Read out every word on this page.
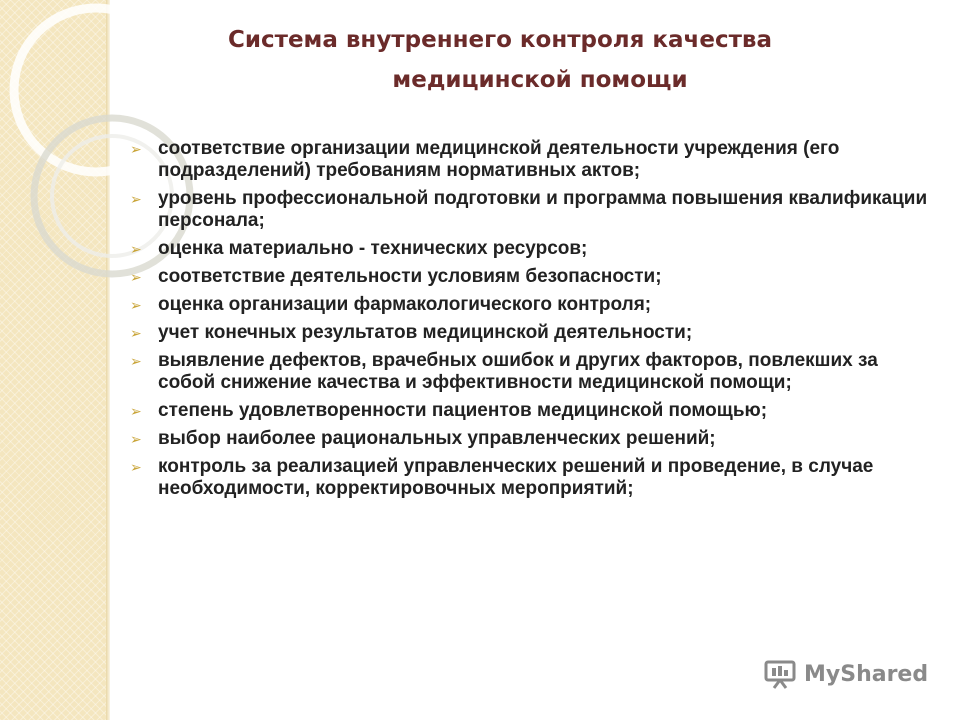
Система внутреннего контроля качества
медицинской помощи
➢ соответствие организации медицинской деятельности учреждения (его подразделений) требованиям нормативных актов;
➢ уровень профессиональной подготовки и программа повышения квалификации персонала;
➢ оценка материально - технических ресурсов;
➢ соответствие деятельности условиям безопасности;
➢ оценка организации фармакологического контроля;
➢ учет конечных результатов медицинской деятельности;
➢ выявление дефектов, врачебных ошибок и других факторов, повлекших за собой снижение качества и эффективности медицинской помощи;
➢ степень удовлетворенности пациентов медицинской помощью;
➢ выбор наиболее рациональных управленческих решений;
➢ контроль за реализацией управленческих решений и проведение, в случае необходимости, корректировочных мероприятий;
MyShared
